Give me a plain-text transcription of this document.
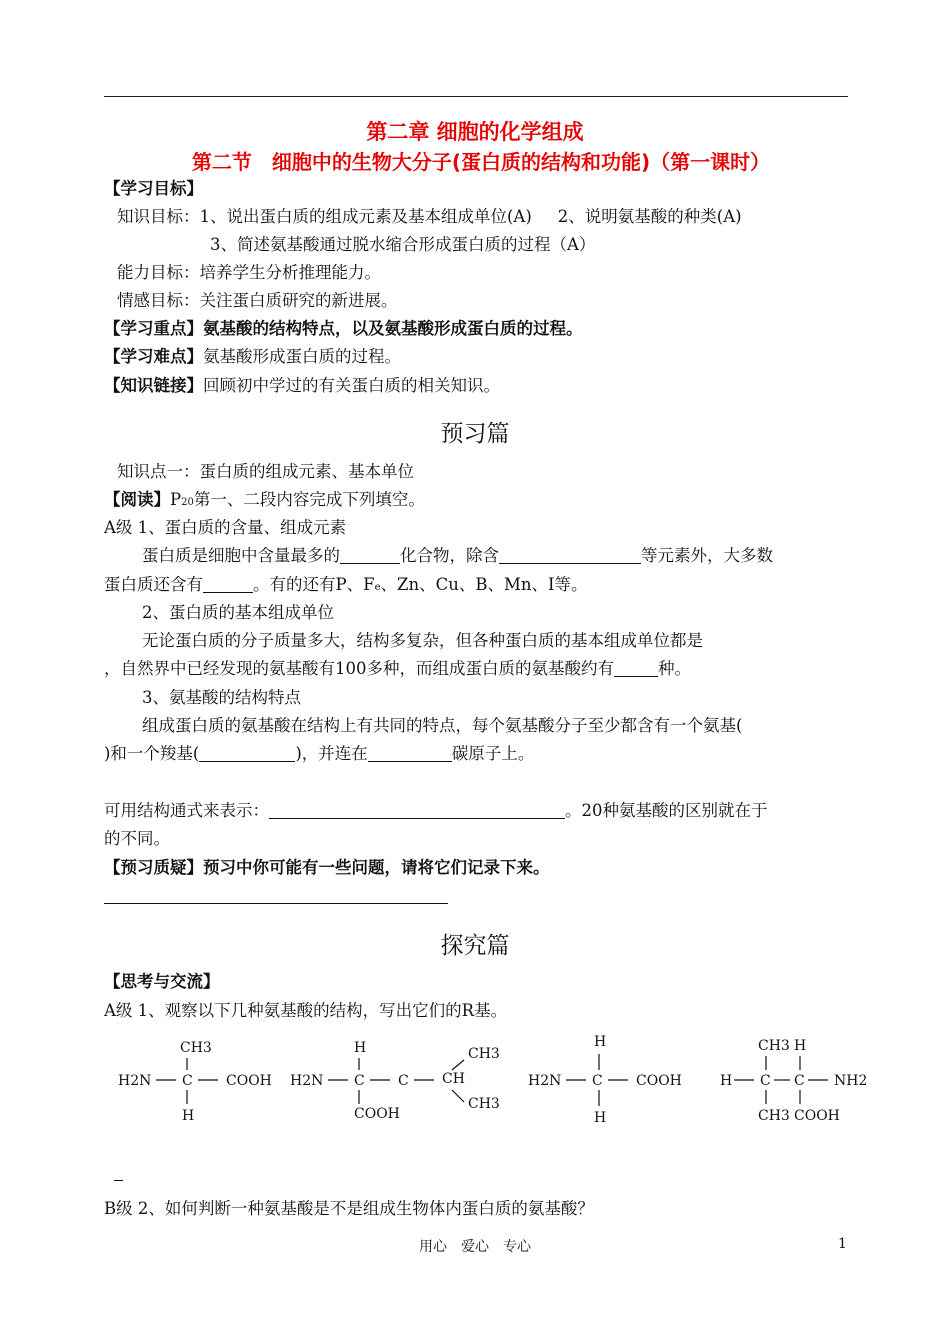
第二章 细胞的化学组成
第二节　细胞中的生物大分子(蛋白质的结构和功能)（第一课时）
【学习目标】
知识目标：1、说出蛋白质的组成元素及基本组成单位(A) 2、说明氨基酸的种类(A)
3、简述氨基酸通过脱水缩合形成蛋白质的过程（A）
能力目标：培养学生分析推理能力。
情感目标：关注蛋白质研究的新进展。
【学习重点】氨基酸的结构特点，以及氨基酸形成蛋白质的过程。
【学习难点】氨基酸形成蛋白质的过程。
【知识链接】回顾初中学过的有关蛋白质的相关知识。
预习篇
知识点一：蛋白质的组成元素、基本单位
【阅读】P20第一、二段内容完成下列填空。
A级 1、蛋白质的含量、组成元素
蛋白质是细胞中含量最多的	化合物，除含	等元素外，大多数
蛋白质还含有	。有的还有P、Fe、Zn、Cu、B、Mn、I等。
2、蛋白质的基本组成单位
无论蛋白质的分子质量多大，结构多复杂，但各种蛋白质的基本组成单位都是
，自然界中已经发现的氨基酸有100多种，而组成蛋白质的氨基酸约有	种。
3、氨基酸的结构特点
组成蛋白质的氨基酸在结构上有共同的特点，每个氨基酸分子至少都含有一个氨基(
)和一个羧基(	)，并连在	碳原子上。
可用结构通式来表示：	。20种氨基酸的区别就在于
的不同。
【预习质疑】预习中你可能有一些问题，请将它们记录下来。
探究篇
【思考与交流】
A级 1、观察以下几种氨基酸的结构，写出它们的R基。
CH3
H2N C COOH
H
H
H2N C C CH
CH3
CH3
COOH
H
H2N C COOH
H
CH3 H
H C C NH2
CH3 COOH
B级 2、如何判断一种氨基酸是不是组成生物体内蛋白质的氨基酸？
用心　爱心　专心	1
